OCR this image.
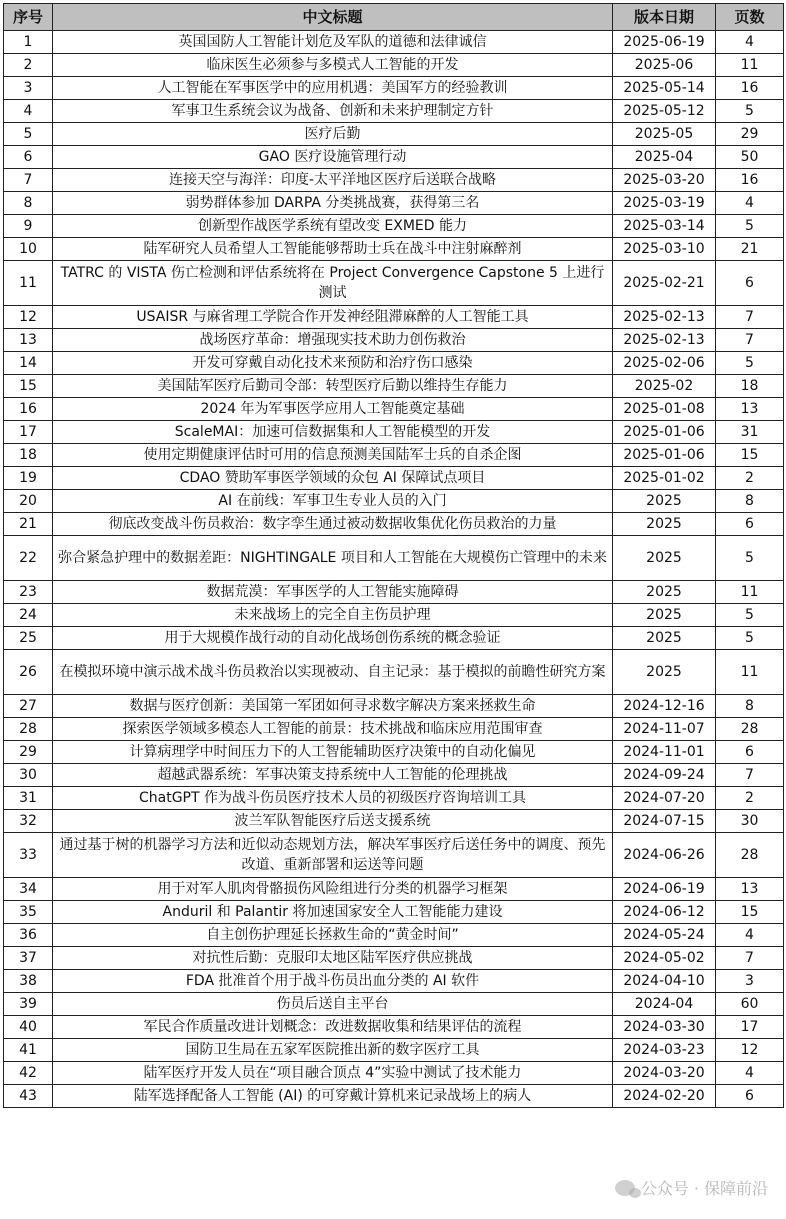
序号	中文标题	版本日期	页数
1	英国国防人工智能计划危及军队的道德和法律诚信	2025-06-19	4
2	临床医生必须参与多模式人工智能的开发	2025-06	11
3	人工智能在军事医学中的应用机遇：美国军方的经验教训	2025-05-14	16
4	军事卫生系统会议为战备、创新和未来护理制定方针	2025-05-12	5
5	医疗后勤	2025-05	29
6	GAO 医疗设施管理行动	2025-04	50
7	连接天空与海洋：印度-太平洋地区医疗后送联合战略	2025-03-20	16
8	弱势群体参加 DARPA 分类挑战赛，获得第三名	2025-03-19	4
9	创新型作战医学系统有望改变 EXMED 能力	2025-03-14	5
10	陆军研究人员希望人工智能能够帮助士兵在战斗中注射麻醉剂	2025-03-10	21
11	TATRC 的 VISTA 伤亡检测和评估系统将在 Project Convergence Capstone 5 上进行测试	2025-02-21	6
12	USAISR 与麻省理工学院合作开发神经阻滞麻醉的人工智能工具	2025-02-13	7
13	战场医疗革命：增强现实技术助力创伤救治	2025-02-13	7
14	开发可穿戴自动化技术来预防和治疗伤口感染	2025-02-06	5
15	美国陆军医疗后勤司令部：转型医疗后勤以维持生存能力	2025-02	18
16	2024 年为军事医学应用人工智能奠定基础	2025-01-08	13
17	ScaleMAI：加速可信数据集和人工智能模型的开发	2025-01-06	31
18	使用定期健康评估时可用的信息预测美国陆军士兵的自杀企图	2025-01-06	15
19	CDAO 赞助军事医学领域的众包 AI 保障试点项目	2025-01-02	2
20	AI 在前线：军事卫生专业人员的入门	2025	8
21	彻底改变战斗伤员救治：数字孪生通过被动数据收集优化伤员救治的力量	2025	6
22	弥合紧急护理中的数据差距：NIGHTINGALE 项目和人工智能在大规模伤亡管理中的未来	2025	5
23	数据荒漠：军事医学的人工智能实施障碍	2025	11
24	未来战场上的完全自主伤员护理	2025	5
25	用于大规模作战行动的自动化战场创伤系统的概念验证	2025	5
26	在模拟环境中演示战术战斗伤员救治以实现被动、自主记录：基于模拟的前瞻性研究方案	2025	11
27	数据与医疗创新：美国第一军团如何寻求数字解决方案来拯救生命	2024-12-16	8
28	探索医学领域多模态人工智能的前景：技术挑战和临床应用范围审查	2024-11-07	28
29	计算病理学中时间压力下的人工智能辅助医疗决策中的自动化偏见	2024-11-01	6
30	超越武器系统：军事决策支持系统中人工智能的伦理挑战	2024-09-24	7
31	ChatGPT 作为战斗伤员医疗技术人员的初级医疗咨询培训工具	2024-07-20	2
32	波兰军队智能医疗后送支援系统	2024-07-15	30
33	通过基于树的机器学习方法和近似动态规划方法，解决军事医疗后送任务中的调度、预先改道、重新部署和运送等问题	2024-06-26	28
34	用于对军人肌肉骨骼损伤风险组进行分类的机器学习框架	2024-06-19	13
35	Anduril 和 Palantir 将加速国家安全人工智能能力建设	2024-06-12	15
36	自主创伤护理延长拯救生命的“黄金时间”	2024-05-24	4
37	对抗性后勤：克服印太地区陆军医疗供应挑战	2024-05-02	7
38	FDA 批准首个用于战斗伤员出血分类的 AI 软件	2024-04-10	3
39	伤员后送自主平台	2024-04	60
40	军民合作质量改进计划概念：改进数据收集和结果评估的流程	2024-03-30	17
41	国防卫生局在五家军医院推出新的数字医疗工具	2024-03-23	12
42	陆军医疗开发人员在“项目融合顶点 4”实验中测试了技术能力	2024-03-20	4
43	陆军选择配备人工智能 (AI) 的可穿戴计算机来记录战场上的病人	2024-02-20	6
公众号 · 保障前沿
